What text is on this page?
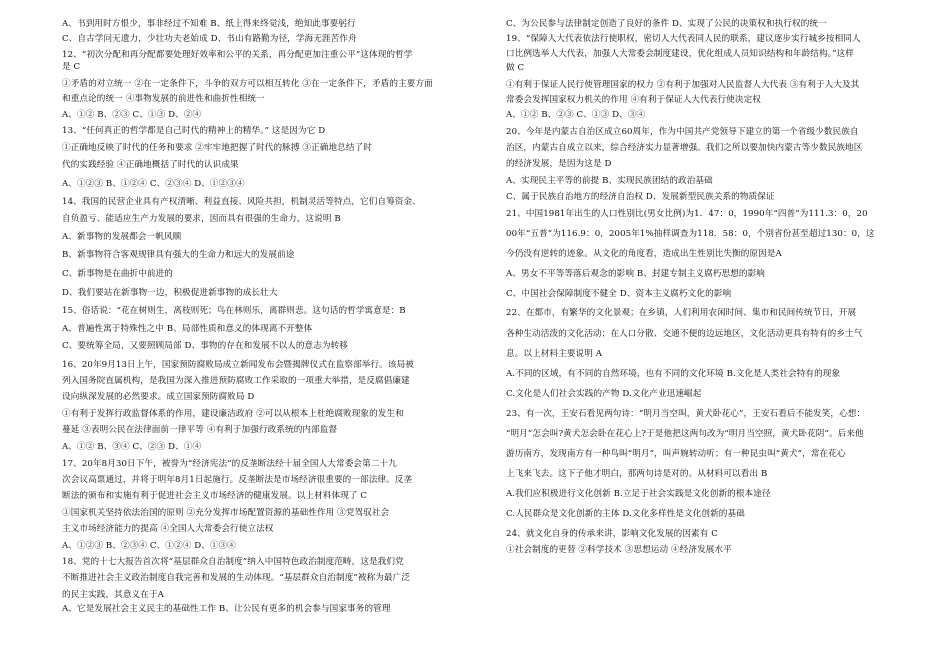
A、书到用时方恨少，事非经过不知难 B、纸上得来终觉浅，绝知此事要躬行
C、自古学问无遗力，少壮功夫老始成 D、书山有路勤为径，学海无涯苦作舟
12、“初次分配和再分配都要处理好效率和公平的关系，再分配更加注重公平”这体现的哲学
是 C
①矛盾的对立统一 ②在一定条件下，斗争的双方可以相互转化 ③在一定条件下，矛盾的主要方面
和重点论的统一 ④事物发展的前进性和曲折性相统一
A、①② B、②③ C、①③ D、②④
13、“任何真正的哲学都是自己时代的精神上的精华。” 这是因为它 D
①正确地反映了时代的任务和要求 ②牢牢地把握了时代的脉搏 ③正确地总结了时
代的实践经验 ④正确地概括了时代的认识成果
A、①②③ B、①②④ C、②③④ D、①②③④
14、我国的民营企业具有产权清晰、利益直接、风险共担，机制灵活等特点，它们自筹资金、
自负盈亏、能适应生产力发展的要求，因而具有很强的生命力，这说明 B
A、新事物的发展都会一帆风顺
B、新事物符合客观规律具有强大的生命力和远大的发展前途
C、新事物是在曲折中前进的
D、我们要站在新事物一边，积极促进新事物的成长壮大
15、俗话说：“花在树则生，离枝则死；鸟在林则乐，离群则悲。这句话的哲学寓意是：B
A、普遍性寓于特殊性之中 B、局部性质和意义的体现离不开整体
C、要统筹全局，又要照顾局部 D、事物的存在和发展不以人的意志为转移
16、20年9月13日上午，国家预防腐败局成立新闻发布会暨揭牌仪式在监察部举行。该局被
列入国务院直属机构，是我国为深入推进预防腐败工作采取的一项重大举措，是反腐倡廉建
设向纵深发展的必然要求。成立国家预防腐败局 D
①有利于发挥行政监督体系的作用，建设廉洁政府 ②可以从根本上杜绝腐败现象的发生和
蔓延 ③表明公民在法律面前一律平等 ④有利于加强行政系统的内部监督
A、①② B、③④ C、②③ D、①④
17、20年8月30日下午，被誉为“经济宪法”的反垄断法经十届全国人大常委会第二十九
次会议高票通过，并将于明年8月1日起施行。反垄断法是市场经济很重要的一部法律。反垄
断法的颁布和实施有利于促进社会主义市场经济的健康发展。以上材料体现了 C
①国家机关坚持依法治国的原则 ②充分发挥市场配置资源的基础性作用 ③党驾驭社会
主义市场经济能力的提高 ④全国人大常委会行使立法权
A、①②③ B、②③④ C、①②④ D、①③④
18、党的十七大报告首次将“基层群众自治制度”纳入中国特色政治制度范畴，这是我们党
不断推进社会主义政治制度自我完善和发展的生动体现。“基层群众自治制度”被称为最广泛
的民主实践，其意义在于A
A、它是发展社会主义民主的基础性工作 B、让公民有更多的机会参与国家事务的管理
C、为公民参与法律制定创造了良好的条件 D、实现了公民的决策权和执行权的统一
19、“保障人大代表依法行使职权，密切人大代表同人民的联系，建议逐步实行城乡按相同人
口比例选举人大代表，加强人大常委会制度建设，优化组成人员知识结构和年龄结构。”这样
做 C
①有利于保证人民行使管理国家的权力 ②有利于加强对人民监督人大代表 ③有利于人大及其
常委会发挥国家权力机关的作用 ④有利于保证人大代表行使决定权
A、①② B、②③ C、①③ D、③④
20、今年是内蒙古自治区成立60周年，作为中国共产党领导下建立的第一个省级少数民族自
治区，内蒙古自成立以来，综合经济实力显著增强。我们之所以要加快内蒙古等少数民族地区
的经济发展，是因为这是 D
A、实现民主平等的前提 B、实现民族团结的政治基础
C、属于民族自治地方的经济自治权 D、发展新型民族关系的物质保证
21、中国1981年出生的人口性别比(男女比例)为1．47：0，1990年“四普”为111.3：0，20
00年“五普”为116.9：0，2005年1%抽样调查为118．58：0，个别省份甚至超过130：0，这
今仍没有逆转的迹象。从文化的角度看，造成出生性别比失衡的原因是A
A、男女不平等等落后观念的影响 B、封建专制主义腐朽思想的影响
C、中国社会保障制度不健全 D、资本主义腐朽文化的影响
22、在都市，有繁华的文化景观；在乡镇，人们利用农闲时间、集市和民间传统节日，开展
各种生动活泼的文化活动；在人口分散、交通不便的边远地区，文化活动更具有特有的乡土气
息。以上材料主要说明 A
A.不同的区域，有不同的自然环境，也有不同的文化环境 B.文化是人类社会特有的现象
C.文化是人们社会实践的产物 D.文化产业迅速崛起
23、有一次，王安石看见两句诗：“明月当空叫，黄犬卧花心”，王安石看后不能发笑，心想：
“明月”怎会叫?黄犬怎会卧在花心上?于是他把这两句改为“明月当空照，黄犬卧花阴”。后来他
游历南方，发现南方有一种鸟叫“明月”，叫声婉转动听；有一种昆虫叫“黄犬”，常在花心
上飞来飞去。这下子他才明白，那两句诗是对的。从材料可以看出 B
A.我们应积极进行文化创新 B.立足于社会实践是文化创新的根本途径
C.人民群众是文化创新的主体 D.文化多样性是文化创新的基础
24、就文化自身的传承来讲，影响文化发展的因素有 C
①社会制度的更替 ②科学技术 ③思想运动 ④经济发展水平
